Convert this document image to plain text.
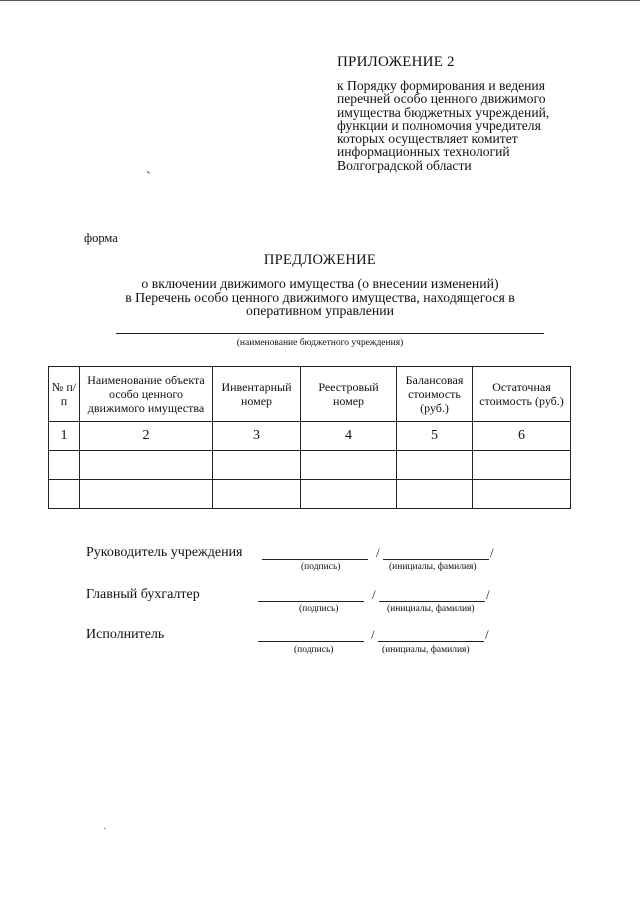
ПРИЛОЖЕНИЕ 2
к Порядку формирования и ведения
перечней особо ценного движимого
имущества бюджетных учреждений,
функции и полномочия учредителя
которых осуществляет комитет
информационных технологий
Волгоградской области
`
форма
ПРЕДЛОЖЕНИЕ
о включении движимого имущества (о внесении изменений)
в Перечень особо ценного движимого имущества, находящегося в
оперативном управлении
(наименование бюджетного учреждения)
№ п/п	Наименование объекта особо ценного движимого имущества	Инвентарный номер	Реестровый номер	Балансовая стоимость (руб.)	Остаточная стоимость (руб.)
1	2	3	4	5	6

Руководитель учреждения	/	/
(подпись)	(инициалы, фамилия)
Главный бухгалтер	/	/
(подпись)	(инициалы, фамилия)
Исполнитель	/	/
(подпись)	(инициалы, фамилия)
